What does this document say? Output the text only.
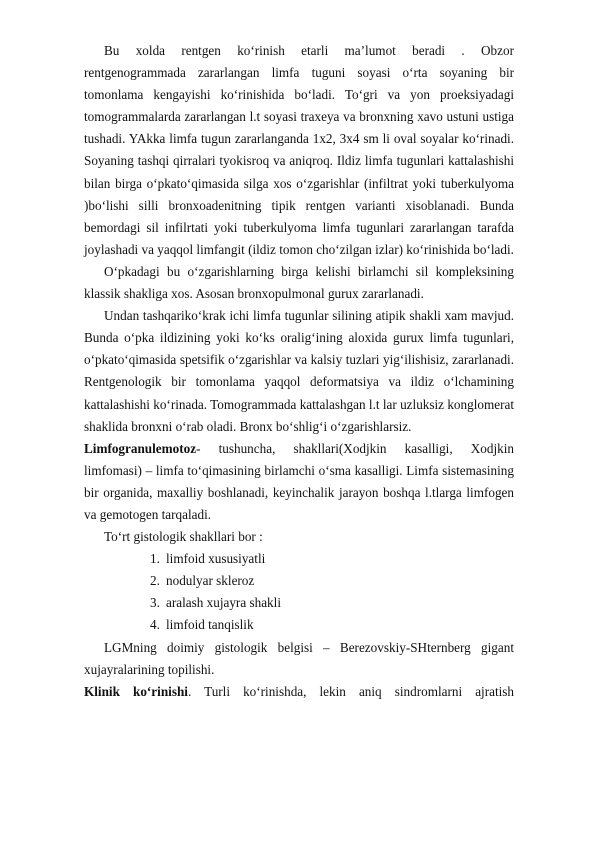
Bu xolda rentgen ko‘rinish etarli ma’lumot beradi . Obzor rentgenogrammada zararlangan limfa tuguni soyasi o‘rta soyaning bir tomonlama kengayishi ko‘rinishida bo‘ladi. To‘gri va yon proeksiyadagi tomogrammalarda zararlangan l.t soyasi traxeya va bronxning xavo ustuni ustiga tushadi. YAkka limfa tugun zararlanganda 1x2, 3x4 sm li oval soyalar ko‘rinadi. Soyaning tashqi qirralari tyokisroq va aniqroq. Ildiz limfa tugunlari kattalashishi bilan birga o‘pkato‘qimasida silga xos o‘zgarishlar (infiltrat yoki tuberkulyoma )bo‘lishi silli bronxoadenitning tipik rentgen varianti xisoblanadi. Bunda bemordagi sil infilrtati yoki tuberkulyoma limfa tugunlari zararlangan tarafda joylashadi va yaqqol limfangit (ildiz tomon cho‘zilgan izlar) ko‘rinishida bo‘ladi.

O‘pkadagi bu o‘zgarishlarning birga kelishi birlamchi sil kompleksining klassik shakliga xos. Asosan bronxopulmonal gurux zararlanadi.

Undan tashqariko‘krak ichi limfa tugunlar silining atipik shakli xam mavjud. Bunda o‘pka ildizining yoki ko‘ks oralig‘ining aloxida gurux limfa tugunlari, o‘pkato‘qimasida spetsifik o‘zgarishlar va kalsiy tuzlari yig‘ilishisiz, zararlanadi. Rentgenologik bir tomonlama yaqqol deformatsiya va ildiz o‘lchamining kattalashishi ko‘rinada. Tomogrammada kattalashgan l.t lar uzluksiz konglomerat shaklida bronxni o‘rab oladi. Bronx bo‘shlig‘i o‘zgarishlarsiz.

Limfogranulemotoz- tushuncha, shakllari(Xodjkin kasalligi, Xodjkin limfomasi) – limfa to‘qimasining birlamchi o‘sma kasalligi. Limfa sistemasining bir organida, maxalliy boshlanadi, keyinchalik jarayon boshqa l.tlarga limfogen va gemotogen tarqaladi.

To‘rt gistologik shakllari bor :

1. limfoid xususiyatli
2. nodulyar skleroz
3. aralash xujayra shakli
4. limfoid tanqislik

LGMning doimiy gistologik belgisi – Berezovskiy-SHternberg gigant xujayralarining topilishi.

Klinik ko‘rinishi. Turli ko‘rinishda, lekin aniq sindromlarni ajratish
